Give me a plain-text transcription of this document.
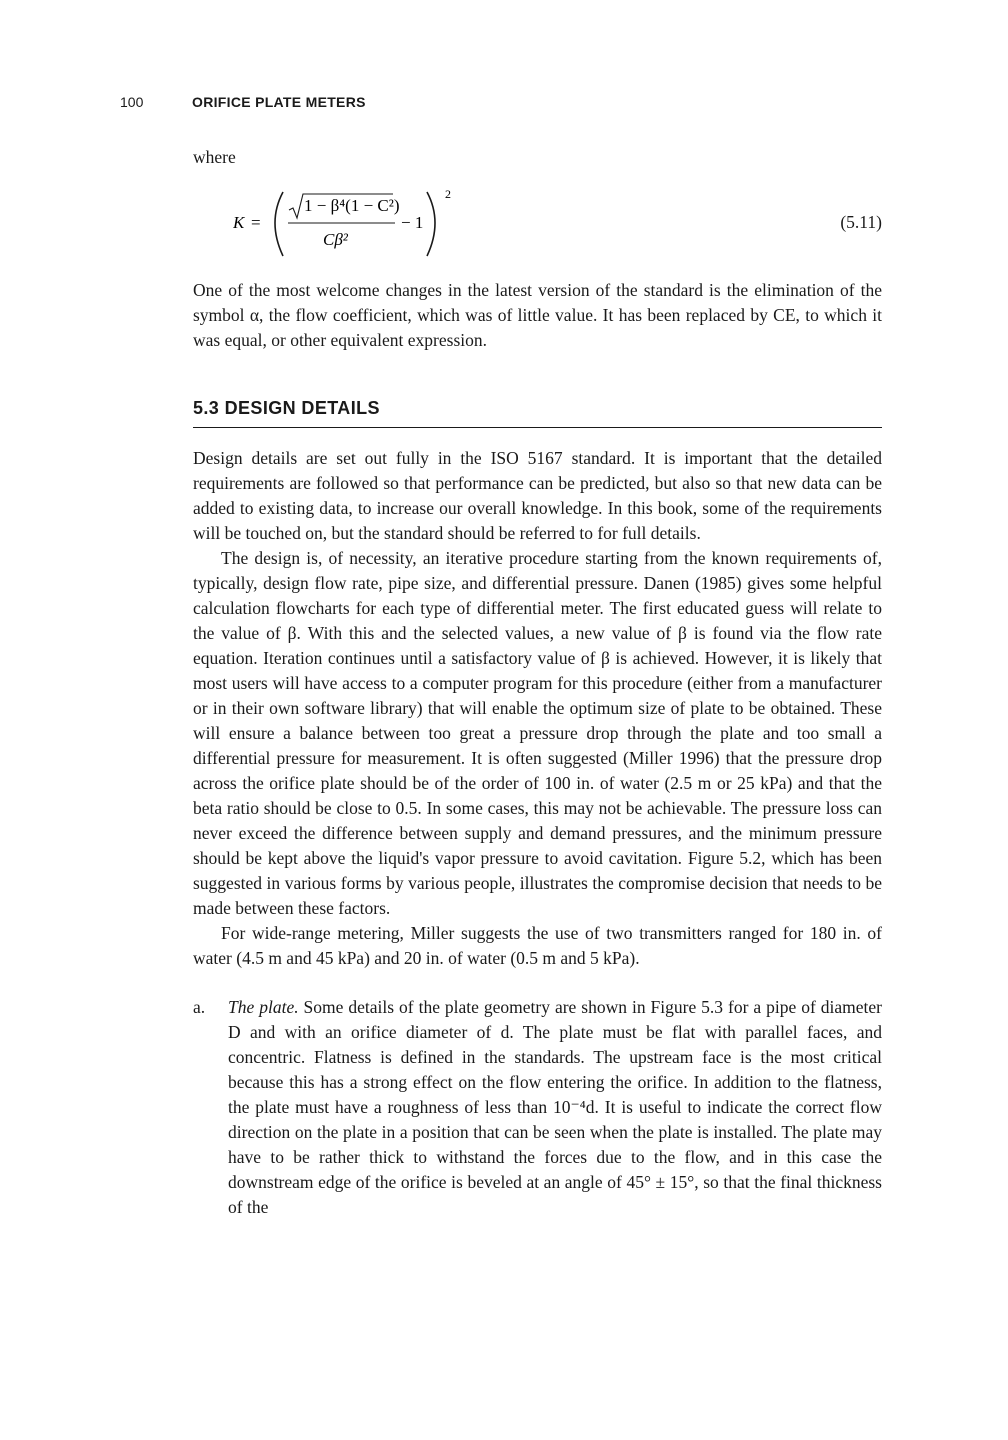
100	ORIFICE PLATE METERS

where

K =
1 − β⁴(1 − C²)
Cβ²
− 1
2
(5.11)

One of the most welcome changes in the latest version of the standard is the elimination of the symbol α, the flow coefficient, which was of little value. It has been replaced by CE, to which it was equal, or other equivalent expression.

5.3 DESIGN DETAILS

Design details are set out fully in the ISO 5167 standard. It is important that the detailed requirements are followed so that performance can be predicted, but also so that new data can be added to existing data, to increase our overall knowledge. In this book, some of the requirements will be touched on, but the standard should be referred to for full details.

The design is, of necessity, an iterative procedure starting from the known requirements of, typically, design flow rate, pipe size, and differential pressure. Danen (1985) gives some helpful calculation flowcharts for each type of differential meter. The first educated guess will relate to the value of β. With this and the selected values, a new value of β is found via the flow rate equation. Iteration continues until a satisfactory value of β is achieved. However, it is likely that most users will have access to a computer program for this procedure (either from a manufacturer or in their own software library) that will enable the optimum size of plate to be obtained. These will ensure a balance between too great a pressure drop through the plate and too small a differential pressure for measurement. It is often suggested (Miller 1996) that the pressure drop across the orifice plate should be of the order of 100 in. of water (2.5 m or 25 kPa) and that the beta ratio should be close to 0.5. In some cases, this may not be achievable. The pressure loss can never exceed the difference between supply and demand pressures, and the minimum pressure should be kept above the liquid's vapor pressure to avoid cavitation. Figure 5.2, which has been suggested in various forms by various people, illustrates the compromise decision that needs to be made between these factors.

For wide-range metering, Miller suggests the use of two transmitters ranged for 180 in. of water (4.5 m and 45 kPa) and 20 in. of water (0.5 m and 5 kPa).

a. The plate. Some details of the plate geometry are shown in Figure 5.3 for a pipe of diameter D and with an orifice diameter of d. The plate must be flat with parallel faces, and concentric. Flatness is defined in the standards. The upstream face is the most critical because this has a strong effect on the flow entering the orifice. In addition to the flatness, the plate must have a roughness of less than 10⁻⁴d. It is useful to indicate the correct flow direction on the plate in a position that can be seen when the plate is installed. The plate may have to be rather thick to withstand the forces due to the flow, and in this case the downstream edge of the orifice is beveled at an angle of 45° ± 15°, so that the final thickness of the
